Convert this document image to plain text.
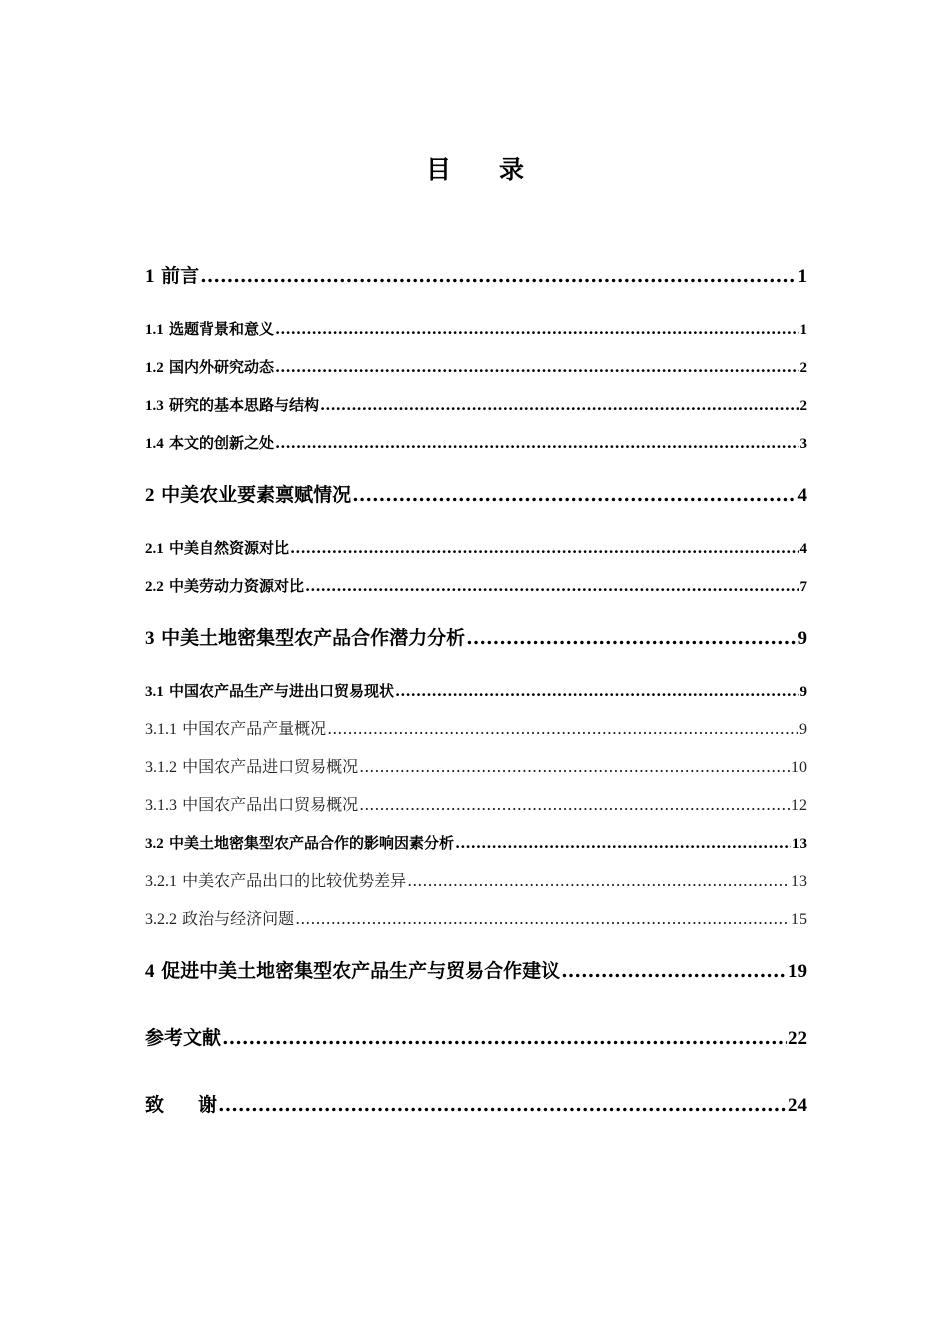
目 录
1 前言 .....	1
1.1 选题背景和意义 .....	1
1.2 国内外研究动态 .....	2
1.3 研究的基本思路与结构 .....	2
1.4 本文的创新之处 .....	3
2 中美农业要素禀赋情况 .....	4
2.1 中美自然资源对比 .....	4
2.2 中美劳动力资源对比 .....	7
3 中美土地密集型农产品合作潜力分析 .....	9
3.1 中国农产品生产与进出口贸易现状 .....	9
3.1.1 中国农产品产量概况 .....	9
3.1.2 中国农产品进口贸易概况 .....	10
3.1.3 中国农产品出口贸易概况 .....	12
3.2 中美土地密集型农产品合作的影响因素分析 .....	13
3.2.1 中美农产品出口的比较优势差异 .....	13
3.2.2 政治与经济问题 .....	15
4 促进中美土地密集型农产品生产与贸易合作建议 .....	19
参考文献 .....	22
致 谢 .....	24
